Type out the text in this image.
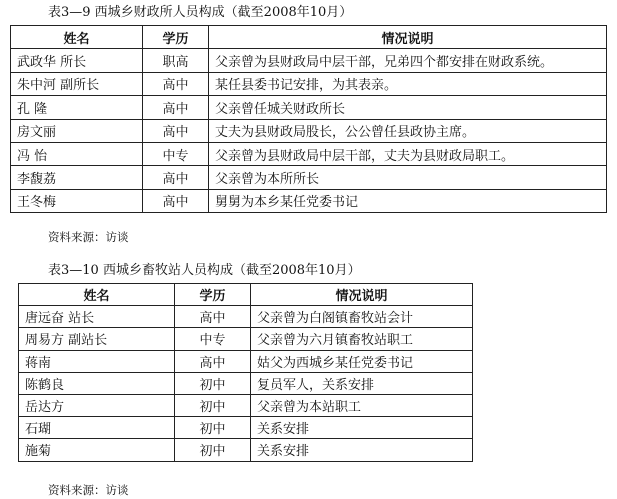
表3—9 西城乡财政所人员构成（截至2008年10月）
姓名	学历	情况说明
武政华 所长	职高	父亲曾为县财政局中层干部，兄弟四个都安排在财政系统。
朱中河 副所长	高中	某任县委书记安排，为其表亲。
孔 隆	高中	父亲曾任城关财政所长
房文丽	高中	丈夫为县财政局股长，公公曾任县政协主席。
冯 怡	中专	父亲曾为县财政局中层干部，丈夫为县财政局职工。
李馥荔	高中	父亲曾为本所所长
王冬梅	高中	舅舅为本乡某任党委书记
资料来源：访谈
表3—10 西城乡畜牧站人员构成（截至2008年10月）
姓名	学历	情况说明
唐远奋 站长	高中	父亲曾为白阁镇畜牧站会计
周易方 副站长	中专	父亲曾为六月镇畜牧站职工
蒋南	高中	姑父为西城乡某任党委书记
陈鹤良	初中	复员军人，关系安排
岳达方	初中	父亲曾为本站职工
石瑚	初中	关系安排
施菊	初中	关系安排
资料来源：访谈
